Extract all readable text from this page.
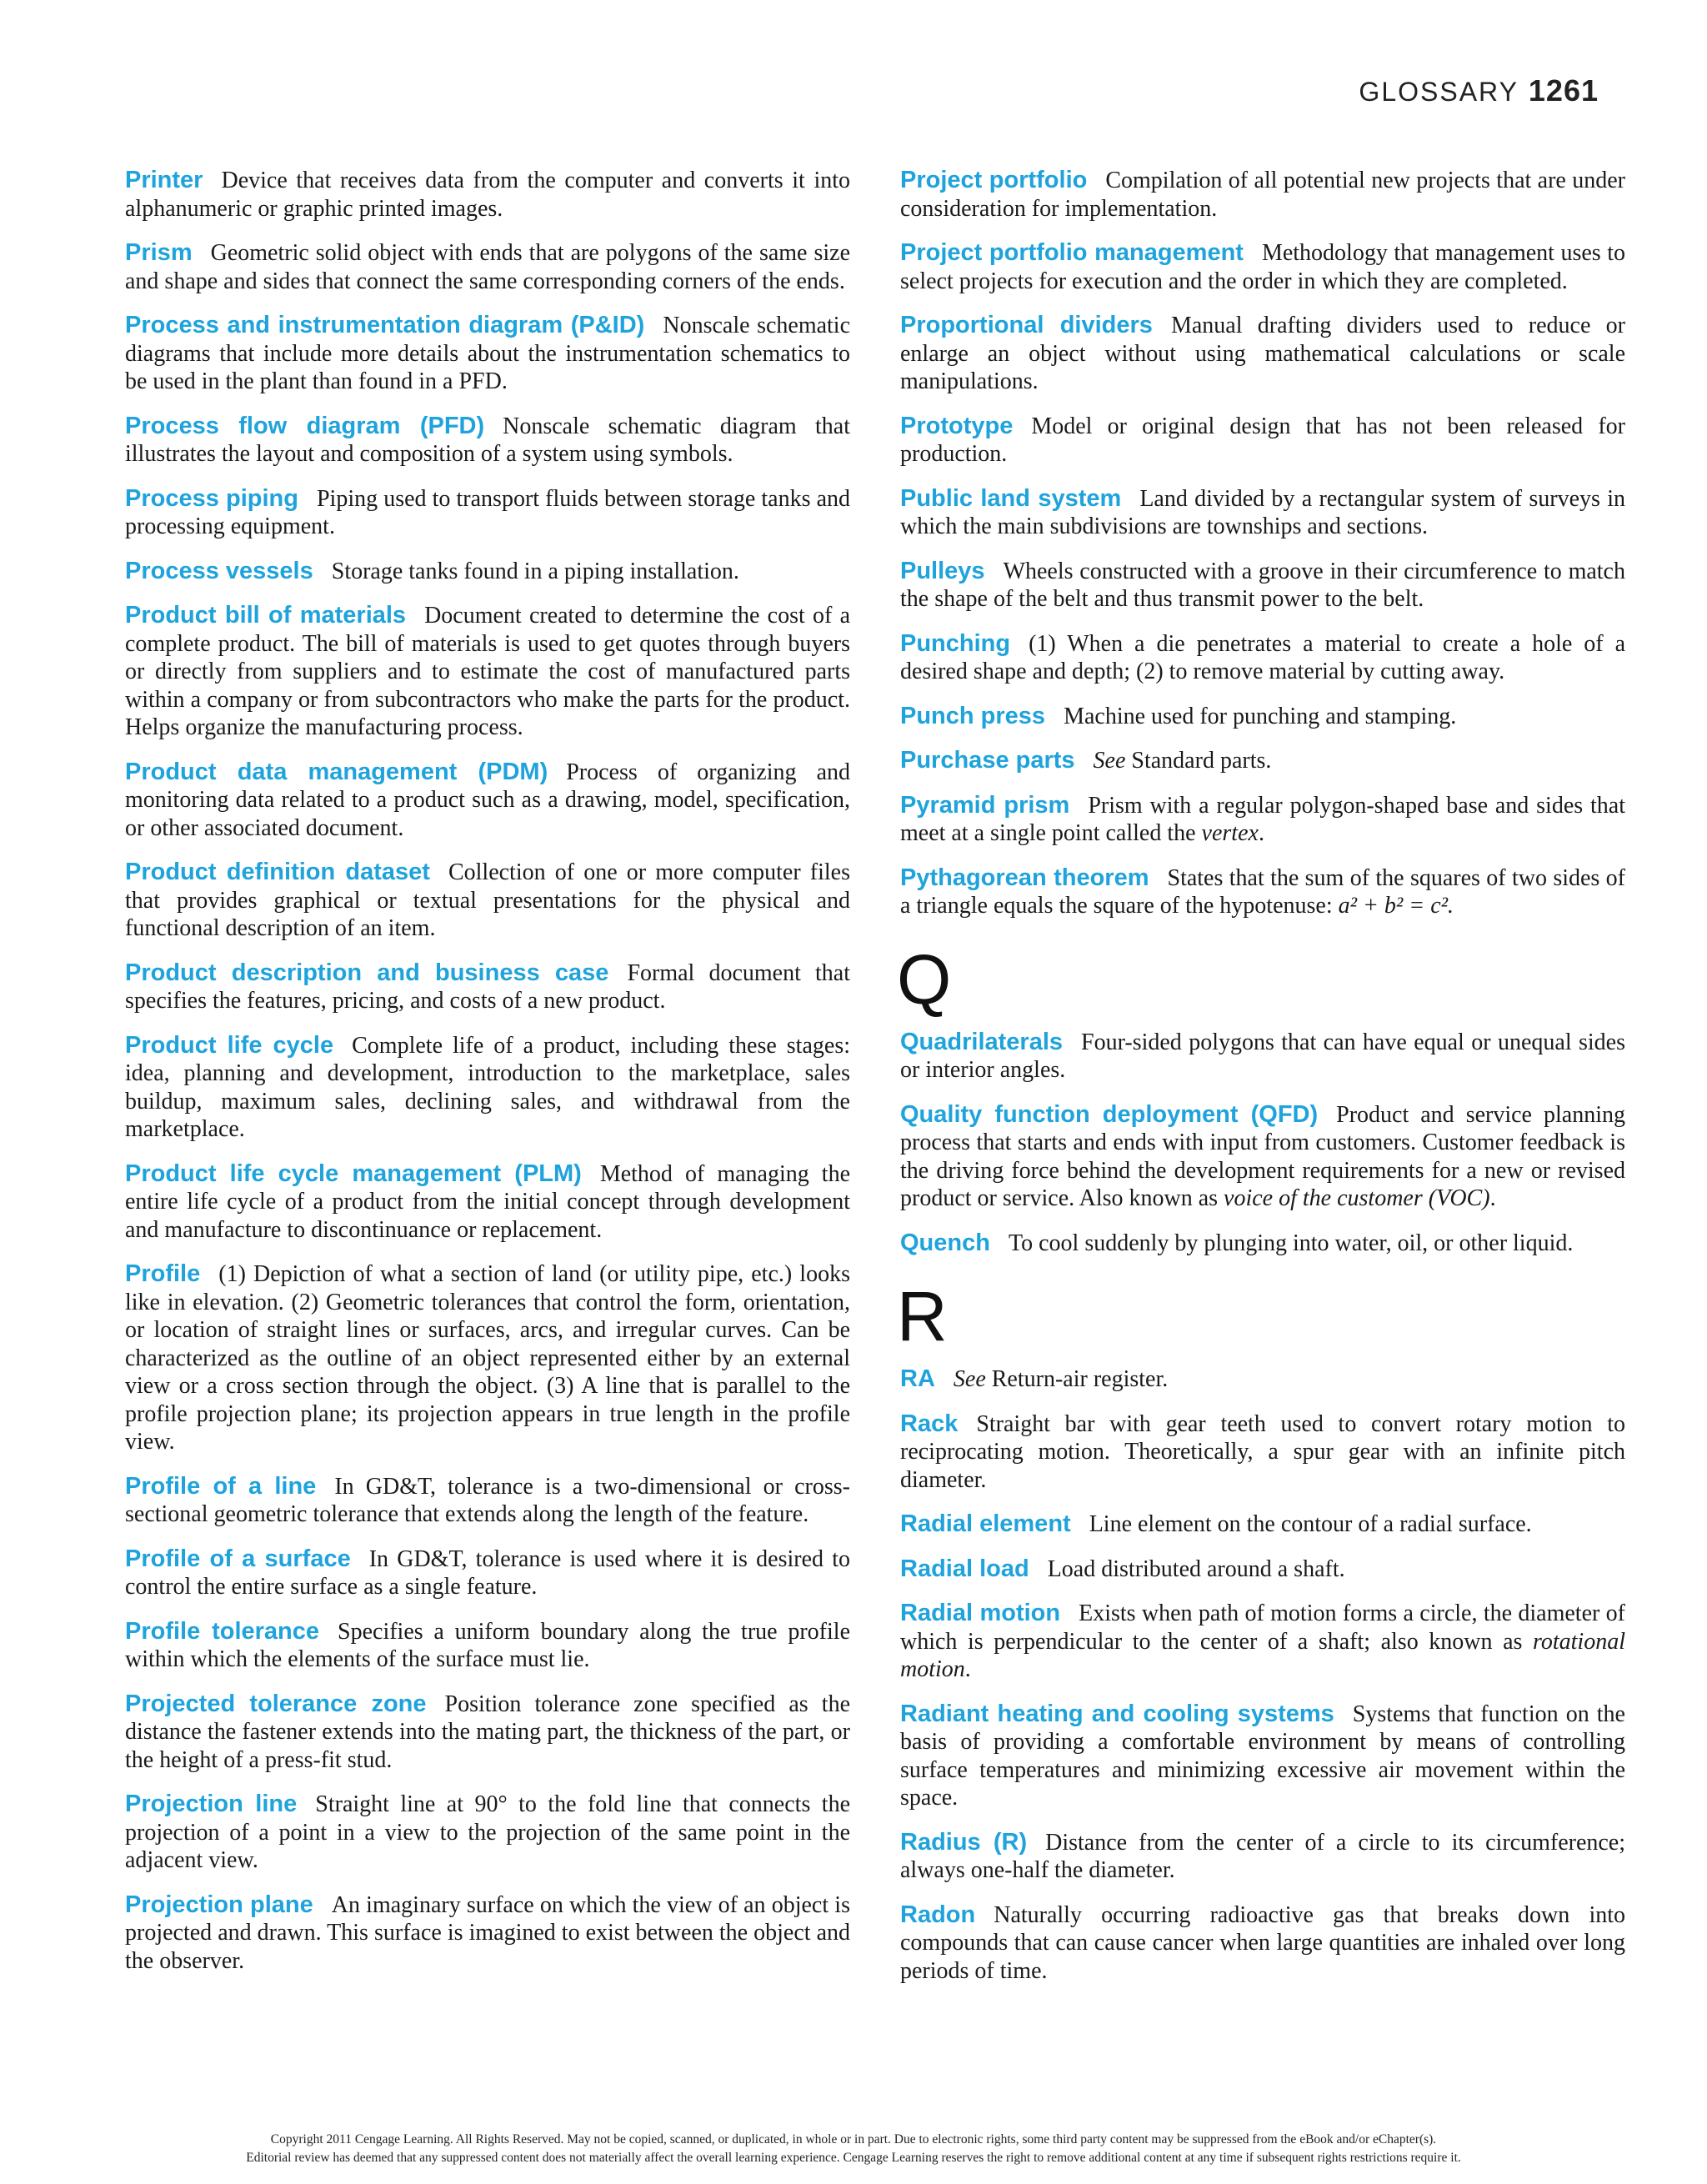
GLOSSARY 1261

Printer Device that receives data from the computer and converts it into alphanumeric or graphic printed images.

Prism Geometric solid object with ends that are polygons of the same size and shape and sides that connect the same corresponding corners of the ends.

Process and instrumentation diagram (P&ID) Nonscale schematic diagrams that include more details about the instrumentation schematics to be used in the plant than found in a PFD.

Process flow diagram (PFD) Nonscale schematic diagram that illustrates the layout and composition of a system using symbols.

Process piping Piping used to transport fluids between storage tanks and processing equipment.

Process vessels Storage tanks found in a piping installation.

Product bill of materials Document created to determine the cost of a complete product. The bill of materials is used to get quotes through buyers or directly from suppliers and to estimate the cost of manufactured parts within a company or from subcontractors who make the parts for the product. Helps organize the manufacturing process.

Product data management (PDM) Process of organizing and monitoring data related to a product such as a drawing, model, specification, or other associated document.

Product definition dataset Collection of one or more computer files that provides graphical or textual presentations for the physical and functional description of an item.

Product description and business case Formal document that specifies the features, pricing, and costs of a new product.

Product life cycle Complete life of a product, including these stages: idea, planning and development, introduction to the marketplace, sales buildup, maximum sales, declining sales, and withdrawal from the marketplace.

Product life cycle management (PLM) Method of managing the entire life cycle of a product from the initial concept through development and manufacture to discontinuance or replacement.

Profile (1) Depiction of what a section of land (or utility pipe, etc.) looks like in elevation. (2) Geometric tolerances that control the form, orientation, or location of straight lines or surfaces, arcs, and irregular curves. Can be characterized as the outline of an object represented either by an external view or a cross section through the object. (3) A line that is parallel to the profile projection plane; its projection appears in true length in the profile view.

Profile of a line In GD&T, tolerance is a two-dimensional or cross-sectional geometric tolerance that extends along the length of the feature.

Profile of a surface In GD&T, tolerance is used where it is desired to control the entire surface as a single feature.

Profile tolerance Specifies a uniform boundary along the true profile within which the elements of the surface must lie.

Projected tolerance zone Position tolerance zone specified as the distance the fastener extends into the mating part, the thickness of the part, or the height of a press-fit stud.

Projection line Straight line at 90° to the fold line that connects the projection of a point in a view to the projection of the same point in the adjacent view.

Projection plane An imaginary surface on which the view of an object is projected and drawn. This surface is imagined to exist between the object and the observer.

Project portfolio Compilation of all potential new projects that are under consideration for implementation.

Project portfolio management Methodology that management uses to select projects for execution and the order in which they are completed.

Proportional dividers Manual drafting dividers used to reduce or enlarge an object without using mathematical calculations or scale manipulations.

Prototype Model or original design that has not been released for production.

Public land system Land divided by a rectangular system of surveys in which the main subdivisions are townships and sections.

Pulleys Wheels constructed with a groove in their circumference to match the shape of the belt and thus transmit power to the belt.

Punching (1) When a die penetrates a material to create a hole of a desired shape and depth; (2) to remove material by cutting away.

Punch press Machine used for punching and stamping.

Purchase parts See Standard parts.

Pyramid prism Prism with a regular polygon-shaped base and sides that meet at a single point called the vertex.

Pythagorean theorem States that the sum of the squares of two sides of a triangle equals the square of the hypotenuse: a² + b² = c².

Q

Quadrilaterals Four-sided polygons that can have equal or unequal sides or interior angles.

Quality function deployment (QFD) Product and service planning process that starts and ends with input from customers. Customer feedback is the driving force behind the development requirements for a new or revised product or service. Also known as voice of the customer (VOC).

Quench To cool suddenly by plunging into water, oil, or other liquid.

R

RA See Return-air register.

Rack Straight bar with gear teeth used to convert rotary motion to reciprocating motion. Theoretically, a spur gear with an infinite pitch diameter.

Radial element Line element on the contour of a radial surface.

Radial load Load distributed around a shaft.

Radial motion Exists when path of motion forms a circle, the diameter of which is perpendicular to the center of a shaft; also known as rotational motion.

Radiant heating and cooling systems Systems that function on the basis of providing a comfortable environment by means of controlling surface temperatures and minimizing excessive air movement within the space.

Radius (R) Distance from the center of a circle to its circumference; always one-half the diameter.

Radon Naturally occurring radioactive gas that breaks down into compounds that can cause cancer when large quantities are inhaled over long periods of time.

Copyright 2011 Cengage Learning. All Rights Reserved. May not be copied, scanned, or duplicated, in whole or in part. Due to electronic rights, some third party content may be suppressed from the eBook and/or eChapter(s).
Editorial review has deemed that any suppressed content does not materially affect the overall learning experience. Cengage Learning reserves the right to remove additional content at any time if subsequent rights restrictions require it.
